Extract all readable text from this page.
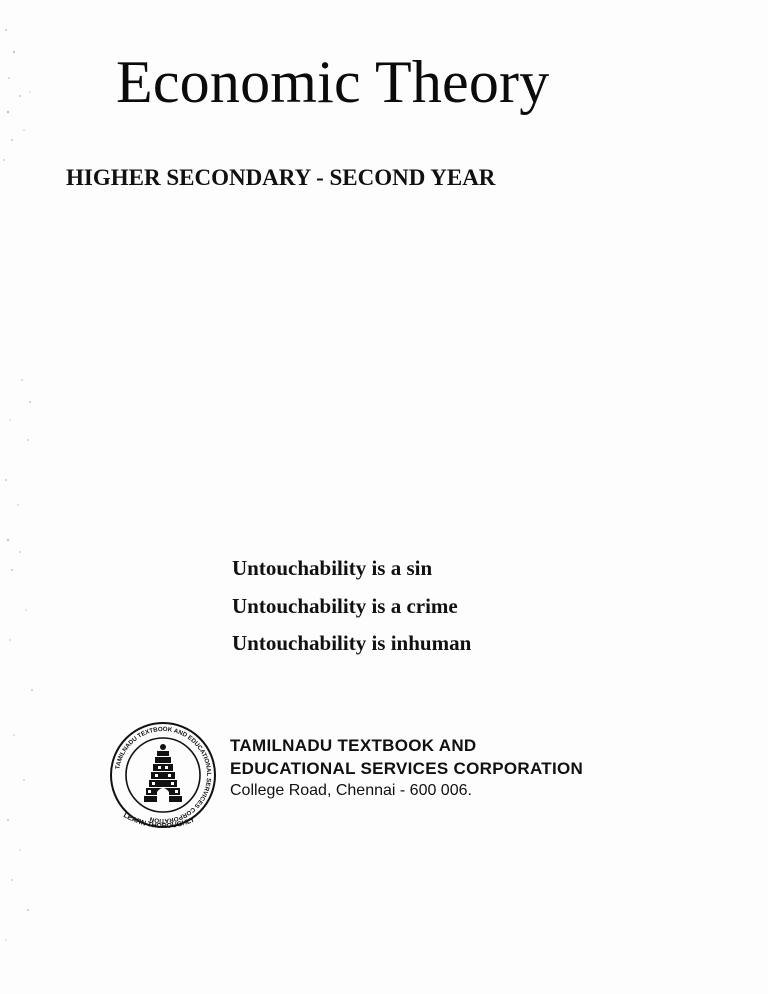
Economic Theory
HIGHER SECONDARY - SECOND YEAR
Untouchability is a sin
Untouchability is a crime
Untouchability is inhuman
TAMILNADU TEXTBOOK AND EDUCATIONAL SERVICES CORPORATION
LEARN THOROUGHLY
TAMILNADU TEXTBOOK AND
EDUCATIONAL SERVICES CORPORATION
College Road, Chennai - 600 006.
